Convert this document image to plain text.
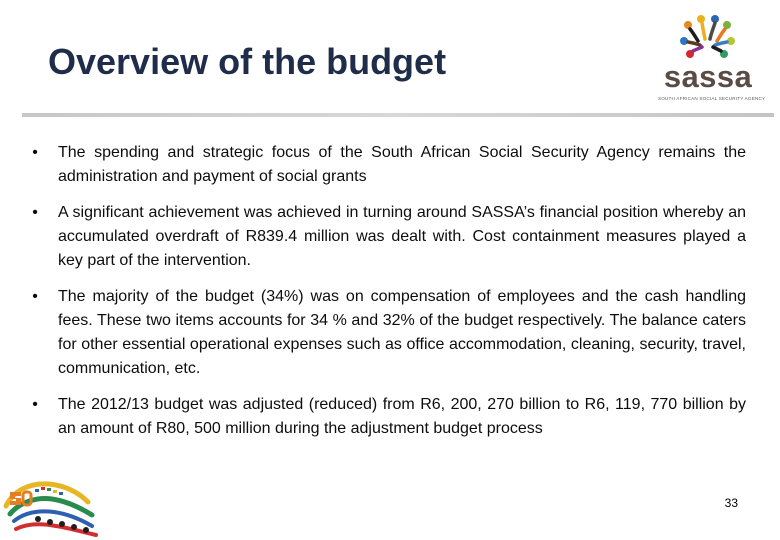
Overview of the budget	sassa
SOUTH AFRICAN SOCIAL SECURITY AGENCY
• The spending and strategic focus of the South African Social Security Agency remains the administration and payment of social grants
• A significant achievement was achieved in turning around SASSA’s financial position whereby an accumulated overdraft of R839.4 million was dealt with. Cost containment measures played a key part of the intervention.
• The majority of the budget (34%) was on compensation of employees and the cash handling fees. These two items accounts for 34 % and 32% of the budget respectively. The balance caters for other essential operational expenses such as office accommodation, cleaning, security, travel, communication, etc.
• The 2012/13 budget was adjusted (reduced) from R6, 200, 270 billion to R6, 119, 770 billion by an amount of R80, 500 million during the adjustment budget process
33
